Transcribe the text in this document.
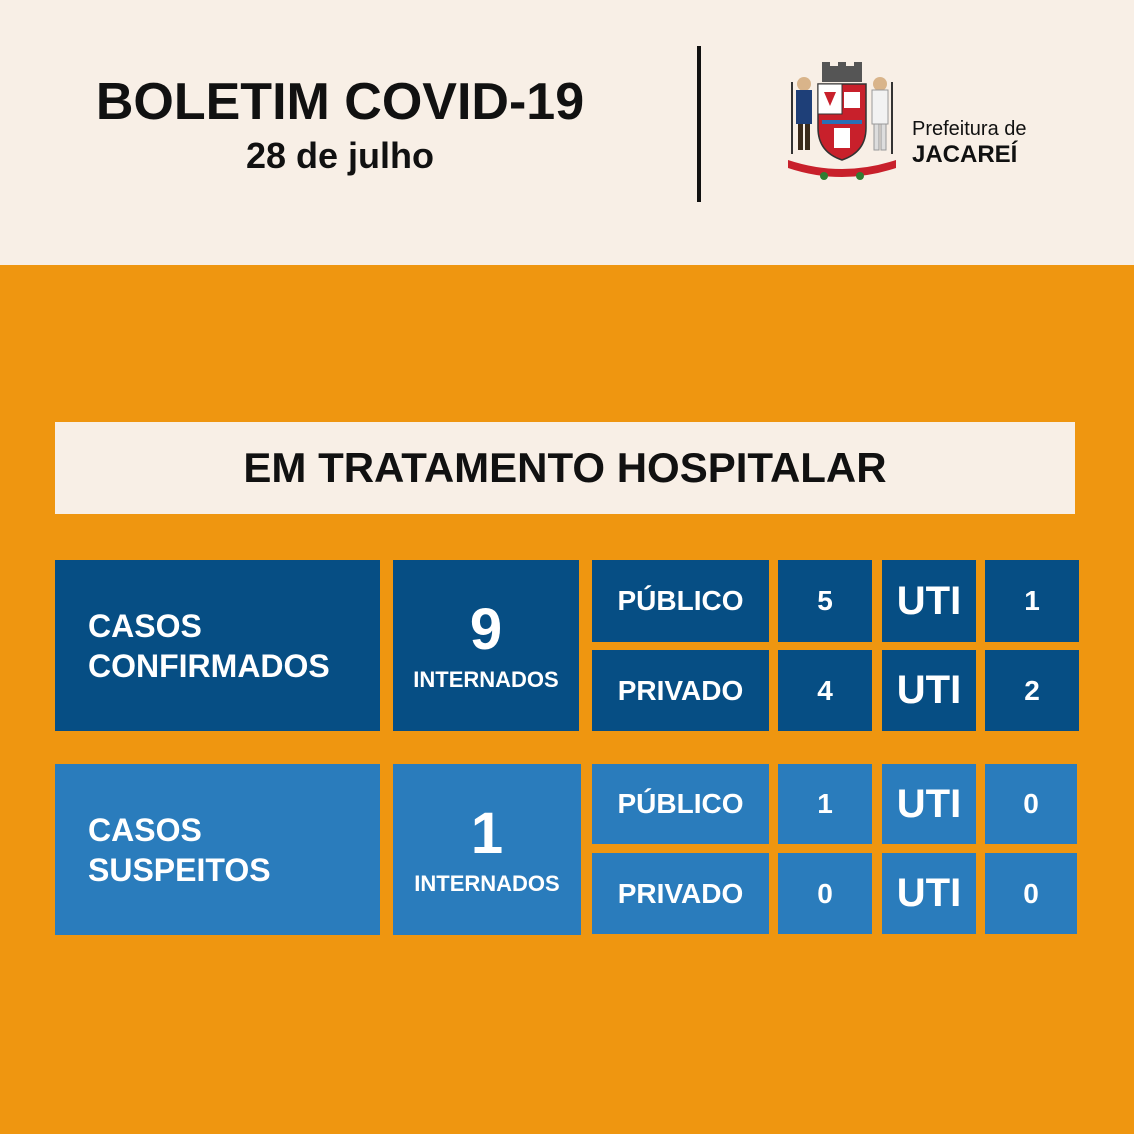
BOLETIM COVID-19
28 de julho
Prefeitura de
JACAREÍ
EM TRATAMENTO HOSPITALAR
CASOS
CONFIRMADOS
9
INTERNADOS
PÚBLICO	5	UTI	1
PRIVADO	4	UTI	2
CASOS
SUSPEITOS
1
INTERNADOS
PÚBLICO	1	UTI	0
PRIVADO	0	UTI	0
